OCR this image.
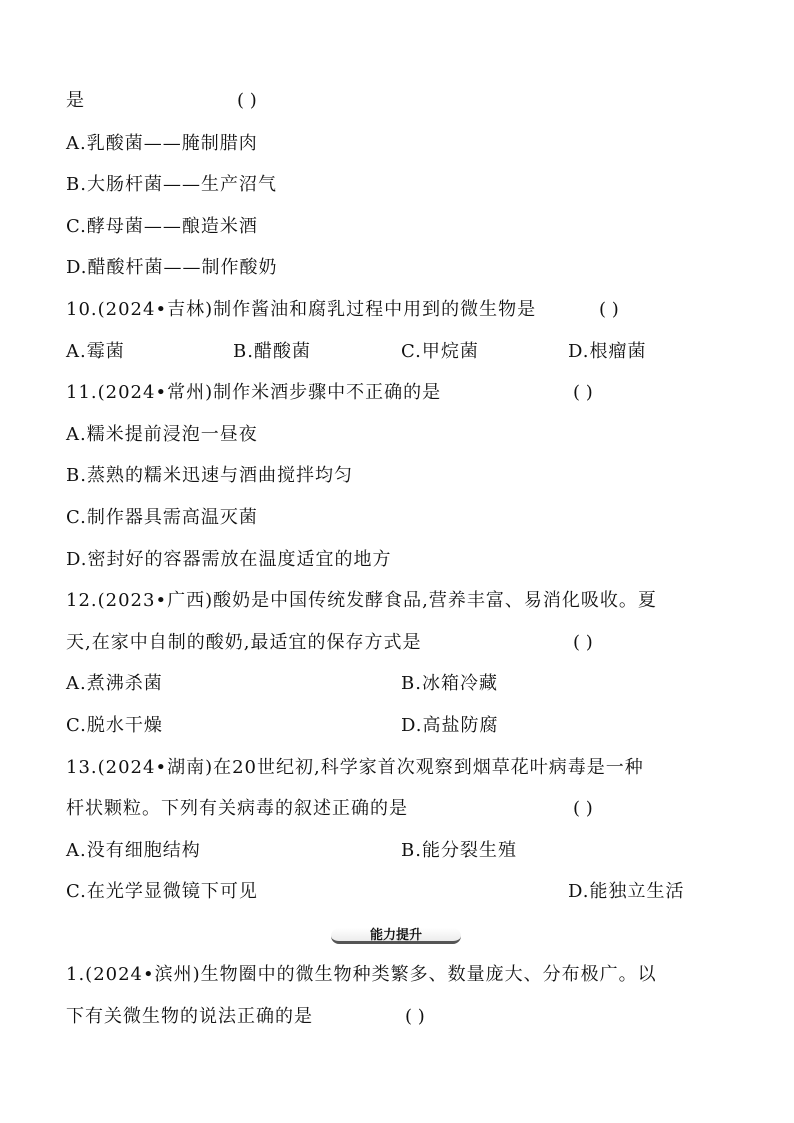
是	( )
A.乳酸菌——腌制腊肉
B.大肠杆菌——生产沼气
C.酵母菌——酿造米酒
D.醋酸杆菌——制作酸奶
10.(2024•吉林)制作酱油和腐乳过程中用到的微生物是	( )
A.霉菌	B.醋酸菌	C.甲烷菌	D.根瘤菌
11.(2024•常州)制作米酒步骤中不正确的是	( )
A.糯米提前浸泡一昼夜
B.蒸熟的糯米迅速与酒曲搅拌均匀
C.制作器具需高温灭菌
D.密封好的容器需放在温度适宜的地方
12.(2023•广西)酸奶是中国传统发酵食品,营养丰富、易消化吸收。夏
天,在家中自制的酸奶,最适宜的保存方式是	( )
A.煮沸杀菌	B.冰箱冷藏
C.脱水干燥	D.高盐防腐
13.(2024•湖南)在20世纪初,科学家首次观察到烟草花叶病毒是一种
杆状颗粒。下列有关病毒的叙述正确的是	( )
A.没有细胞结构	B.能分裂生殖
C.在光学显微镜下可见	D.能独立生活
能力提升
1.(2024•滨州)生物圈中的微生物种类繁多、数量庞大、分布极广。以
下有关微生物的说法正确的是	( )
